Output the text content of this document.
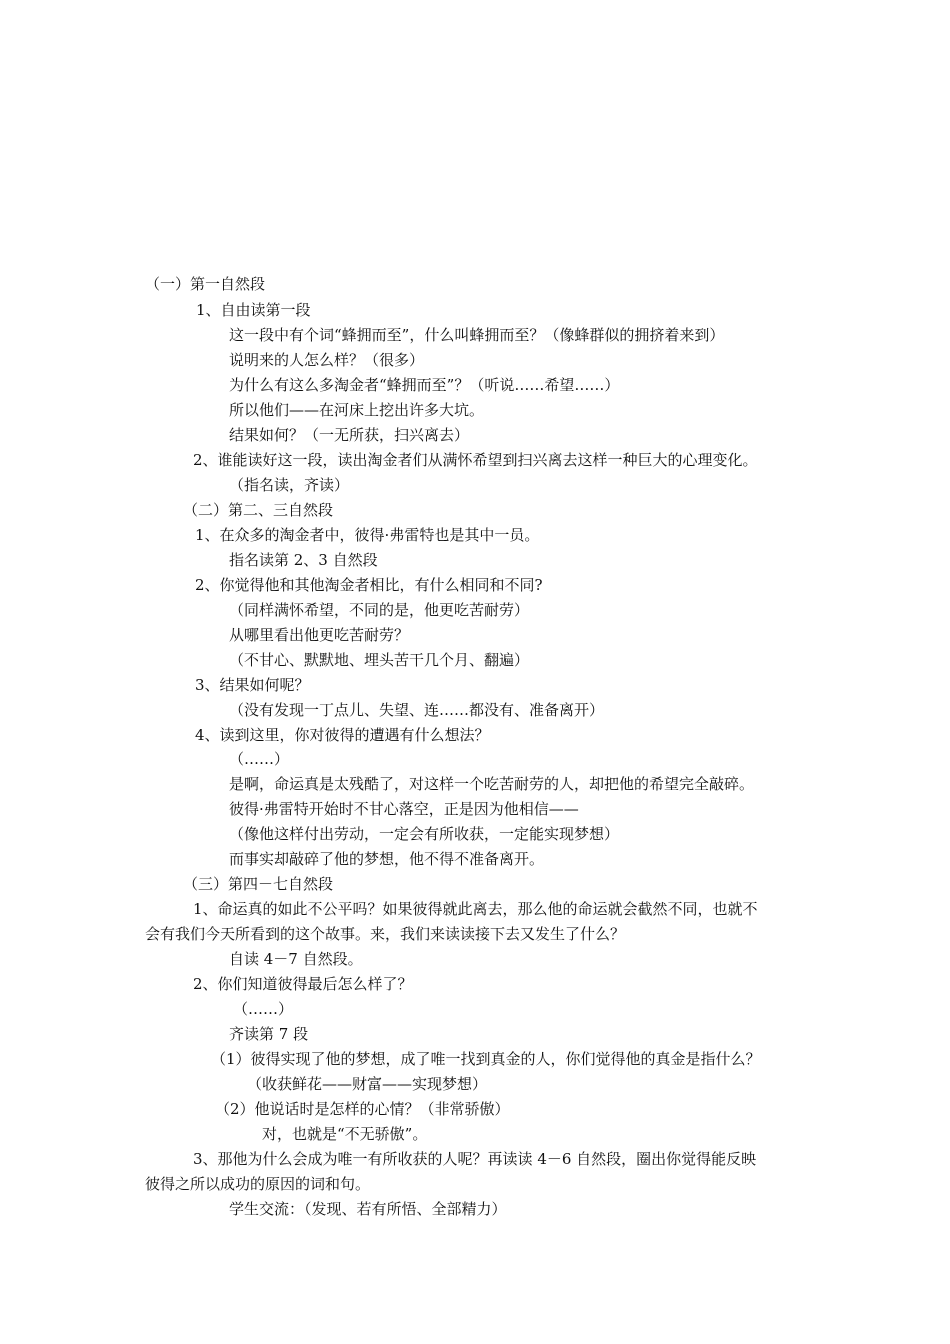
（一）第一自然段
1、自由读第一段
这一段中有个词“蜂拥而至”，什么叫蜂拥而至？（像蜂群似的拥挤着来到）
说明来的人怎么样？（很多）
为什么有这么多淘金者“蜂拥而至”？（听说……希望……）
所以他们——在河床上挖出许多大坑。
结果如何？（一无所获，扫兴离去）
2、谁能读好这一段，读出淘金者们从满怀希望到扫兴离去这样一种巨大的心理变化。
（指名读，齐读）
（二）第二、三自然段
1、在众多的淘金者中，彼得·弗雷特也是其中一员。
指名读第 2、3 自然段
2、你觉得他和其他淘金者相比，有什么相同和不同?
（同样满怀希望，不同的是，他更吃苦耐劳）
从哪里看出他更吃苦耐劳？
（不甘心、默默地、埋头苦干几个月、翻遍）
3、结果如何呢？
（没有发现一丁点儿、失望、连……都没有、准备离开）
4、读到这里，你对彼得的遭遇有什么想法？
（……）
是啊，命运真是太残酷了，对这样一个吃苦耐劳的人，却把他的希望完全敲碎。
彼得·弗雷特开始时不甘心落空，正是因为他相信——
（像他这样付出劳动，一定会有所收获，一定能实现梦想）
而事实却敲碎了他的梦想，他不得不准备离开。
（三）第四－七自然段
1、命运真的如此不公平吗？如果彼得就此离去，那么他的命运就会截然不同，也就不
会有我们今天所看到的这个故事。来，我们来读读接下去又发生了什么？
自读 4－7 自然段。
2、你们知道彼得最后怎么样了？
（……）
齐读第 7 段
（1）彼得实现了他的梦想，成了唯一找到真金的人，你们觉得他的真金是指什么？
（收获鲜花——财富——实现梦想）
（2）他说话时是怎样的心情？（非常骄傲）
对，也就是“不无骄傲”。
3、那他为什么会成为唯一有所收获的人呢？再读读 4－6 自然段，圈出你觉得能反映
彼得之所以成功的原因的词和句。
学生交流：（发现、若有所悟、全部精力）
